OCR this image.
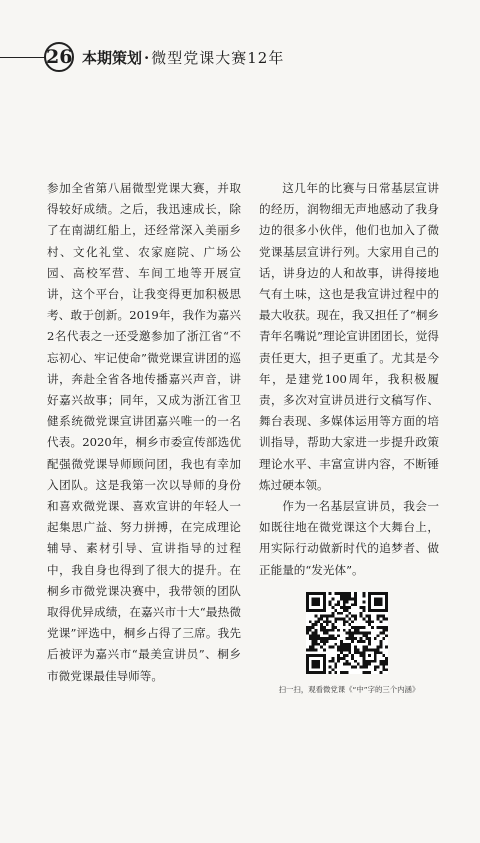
26 本期策划 · 微型党课大赛12年

参加全省第八届微型党课大赛，并取得较好成绩。之后，我迅速成长，除了在南湖红船上，还经常深入美丽乡村、文化礼堂、农家庭院、广场公园、高校军营、车间工地等开展宣讲，这个平台，让我变得更加积极思考、敢于创新。2019年，我作为嘉兴2名代表之一还受邀参加了浙江省“不忘初心、牢记使命”微党课宣讲团的巡讲，奔赴全省各地传播嘉兴声音，讲好嘉兴故事；同年，又成为浙江省卫健系统微党课宣讲团嘉兴唯一的一名代表。2020年，桐乡市委宣传部选优配强微党课导师顾问团，我也有幸加入团队。这是我第一次以导师的身份和喜欢微党课、喜欢宣讲的年轻人一起集思广益、努力拼搏，在完成理论辅导、素材引导、宣讲指导的过程中，我自身也得到了很大的提升。在桐乡市微党课决赛中，我带领的团队取得优异成绩，在嘉兴市十大“最热微党课”评选中，桐乡占得了三席。我先后被评为嘉兴市“最美宣讲员”、桐乡市微党课最佳导师等。

这几年的比赛与日常基层宣讲的经历，润物细无声地感动了我身边的很多小伙伴，他们也加入了微党课基层宣讲行列。大家用自己的话，讲身边的人和故事，讲得接地气有土味，这也是我宣讲过程中的最大收获。现在，我又担任了“桐乡青年名嘴说”理论宣讲团团长，觉得责任更大，担子更重了。尤其是今年，是建党100周年，我积极履责，多次对宣讲员进行文稿写作、舞台表现、多媒体运用等方面的培训指导，帮助大家进一步提升政策理论水平、丰富宣讲内容，不断锤炼过硬本领。

作为一名基层宣讲员，我会一如既往地在微党课这个大舞台上，用实际行动做新时代的追梦者、做正能量的“发光体”。

扫一扫，观看微党课《“中”字的三个内涵》
